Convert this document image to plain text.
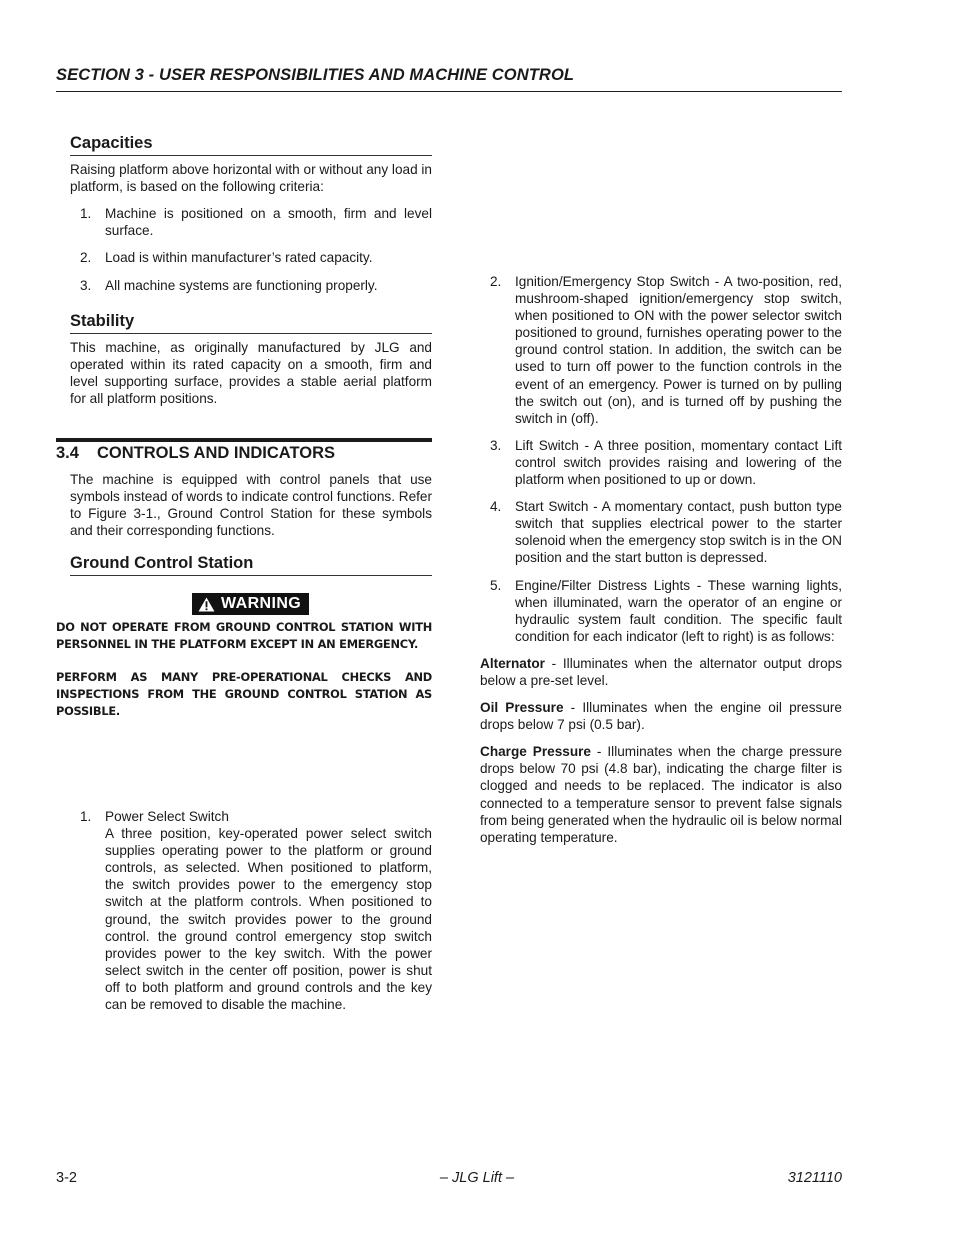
SECTION 3 - USER RESPONSIBILITIES AND MACHINE CONTROL
Capacities

Raising platform above horizontal with or without any load in platform, is based on the following criteria:

1. Machine is positioned on a smooth, firm and level surface.
2. Load is within manufacturer’s rated capacity.
3. All machine systems are functioning properly.
Stability

This machine, as originally manufactured by JLG and operated within its rated capacity on a smooth, firm and level supporting surface, provides a stable aerial platform for all platform positions.

3.4 CONTROLS AND INDICATORS
The machine is equipped with control panels that use symbols instead of words to indicate control functions. Refer to Figure 3-1., Ground Control Station for these symbols and their corresponding functions.
Ground Control Station
WARNING
DO NOT OPERATE FROM GROUND CONTROL STATION WITH PERSONNEL IN THE PLATFORM EXCEPT IN AN EMERGENCY.
PERFORM AS MANY PRE-OPERATIONAL CHECKS AND INSPECTIONS FROM THE GROUND CONTROL STATION AS POSSIBLE.
1. Power Select Switch
A three position, key-operated power select switch supplies operating power to the platform or ground controls, as selected. When positioned to platform, the switch provides power to the emergency stop switch at the platform controls. When positioned to ground, the switch provides power to the ground control. the ground control emergency stop switch provides power to the key switch. With the power select switch in the center off position, power is shut off to both platform and ground controls and the key can be removed to disable the machine.
2. Ignition/Emergency Stop Switch - A two-position, red, mushroom-shaped ignition/emergency stop switch, when positioned to ON with the power selector switch positioned to ground, furnishes operating power to the ground control station. In addition, the switch can be used to turn off power to the function controls in the event of an emergency. Power is turned on by pulling the switch out (on), and is turned off by pushing the switch in (off).
3. Lift Switch - A three position, momentary contact Lift control switch provides raising and lowering of the platform when positioned to up or down.
4. Start Switch - A momentary contact, push button type switch that supplies electrical power to the starter solenoid when the emergency stop switch is in the ON position and the start button is depressed.
5. Engine/Filter Distress Lights - These warning lights, when illuminated, warn the operator of an engine or hydraulic system fault condition. The specific fault condition for each indicator (left to right) is as follows:

Alternator - Illuminates when the alternator output drops below a pre-set level.

Oil Pressure - Illuminates when the engine oil pressure drops below 7 psi (0.5 bar).

Charge Pressure - Illuminates when the charge pressure drops below 70 psi (4.8 bar), indicating the charge filter is clogged and needs to be replaced. The indicator is also connected to a temperature sensor to prevent false signals from being generated when the hydraulic oil is below normal operating temperature.

3-2	– JLG Lift –	3121110
